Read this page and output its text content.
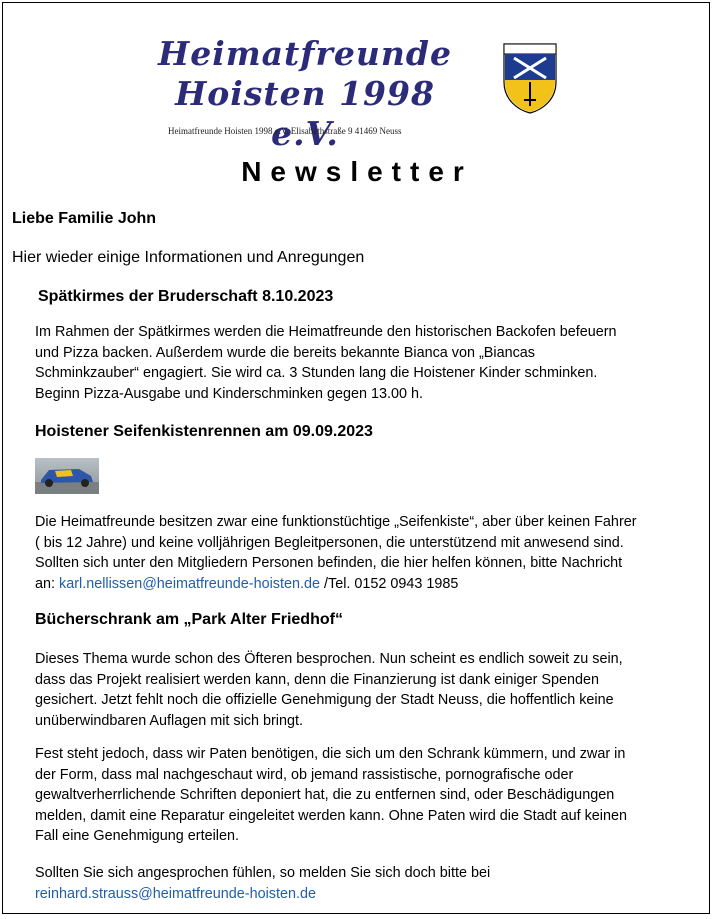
Heimatfreunde
Hoisten 1998 e.V.
Heimatfreunde Hoisten 1998 e.V. Elisabethstraße 9 41469 Neuss
Newsletter
Liebe Familie John
Hier wieder einige Informationen und Anregungen
Spätkirmes der Bruderschaft 8.10.2023
Im Rahmen der Spätkirmes werden die Heimatfreunde den historischen Backofen befeuern
und Pizza backen. Außerdem wurde die bereits bekannte Bianca von „Biancas
Schminkzauber“ engagiert. Sie wird ca. 3 Stunden lang die Hoistener Kinder schminken.
Beginn Pizza-Ausgabe und Kinderschminken gegen 13.00 h.
Hoistener Seifenkistenrennen am 09.09.2023
Die Heimatfreunde besitzen zwar eine funktionstüchtige „Seifenkiste“, aber über keinen Fahrer
( bis 12 Jahre) und keine volljährigen Begleitpersonen, die unterstützend mit anwesend sind.
Sollten sich unter den Mitgliedern Personen befinden, die hier helfen können, bitte Nachricht
an: karl.nellissen@heimatfreunde-hoisten.de /Tel. 0152 0943 1985
Bücherschrank am „Park Alter Friedhof“
Dieses Thema wurde schon des Öfteren besprochen. Nun scheint es endlich soweit zu sein,
dass das Projekt realisiert werden kann, denn die Finanzierung ist dank einiger Spenden
gesichert. Jetzt fehlt noch die offizielle Genehmigung der Stadt Neuss, die hoffentlich keine
unüberwindbaren Auflagen mit sich bringt.
Fest steht jedoch, dass wir Paten benötigen, die sich um den Schrank kümmern, und zwar in
der Form, dass mal nachgeschaut wird, ob jemand rassistische, pornografische oder
gewaltverherrlichende Schriften deponiert hat, die zu entfernen sind, oder Beschädigungen
melden, damit eine Reparatur eingeleitet werden kann. Ohne Paten wird die Stadt auf keinen
Fall eine Genehmigung erteilen.
Sollten Sie sich angesprochen fühlen, so melden Sie sich doch bitte bei
reinhard.strauss@heimatfreunde-hoisten.de
